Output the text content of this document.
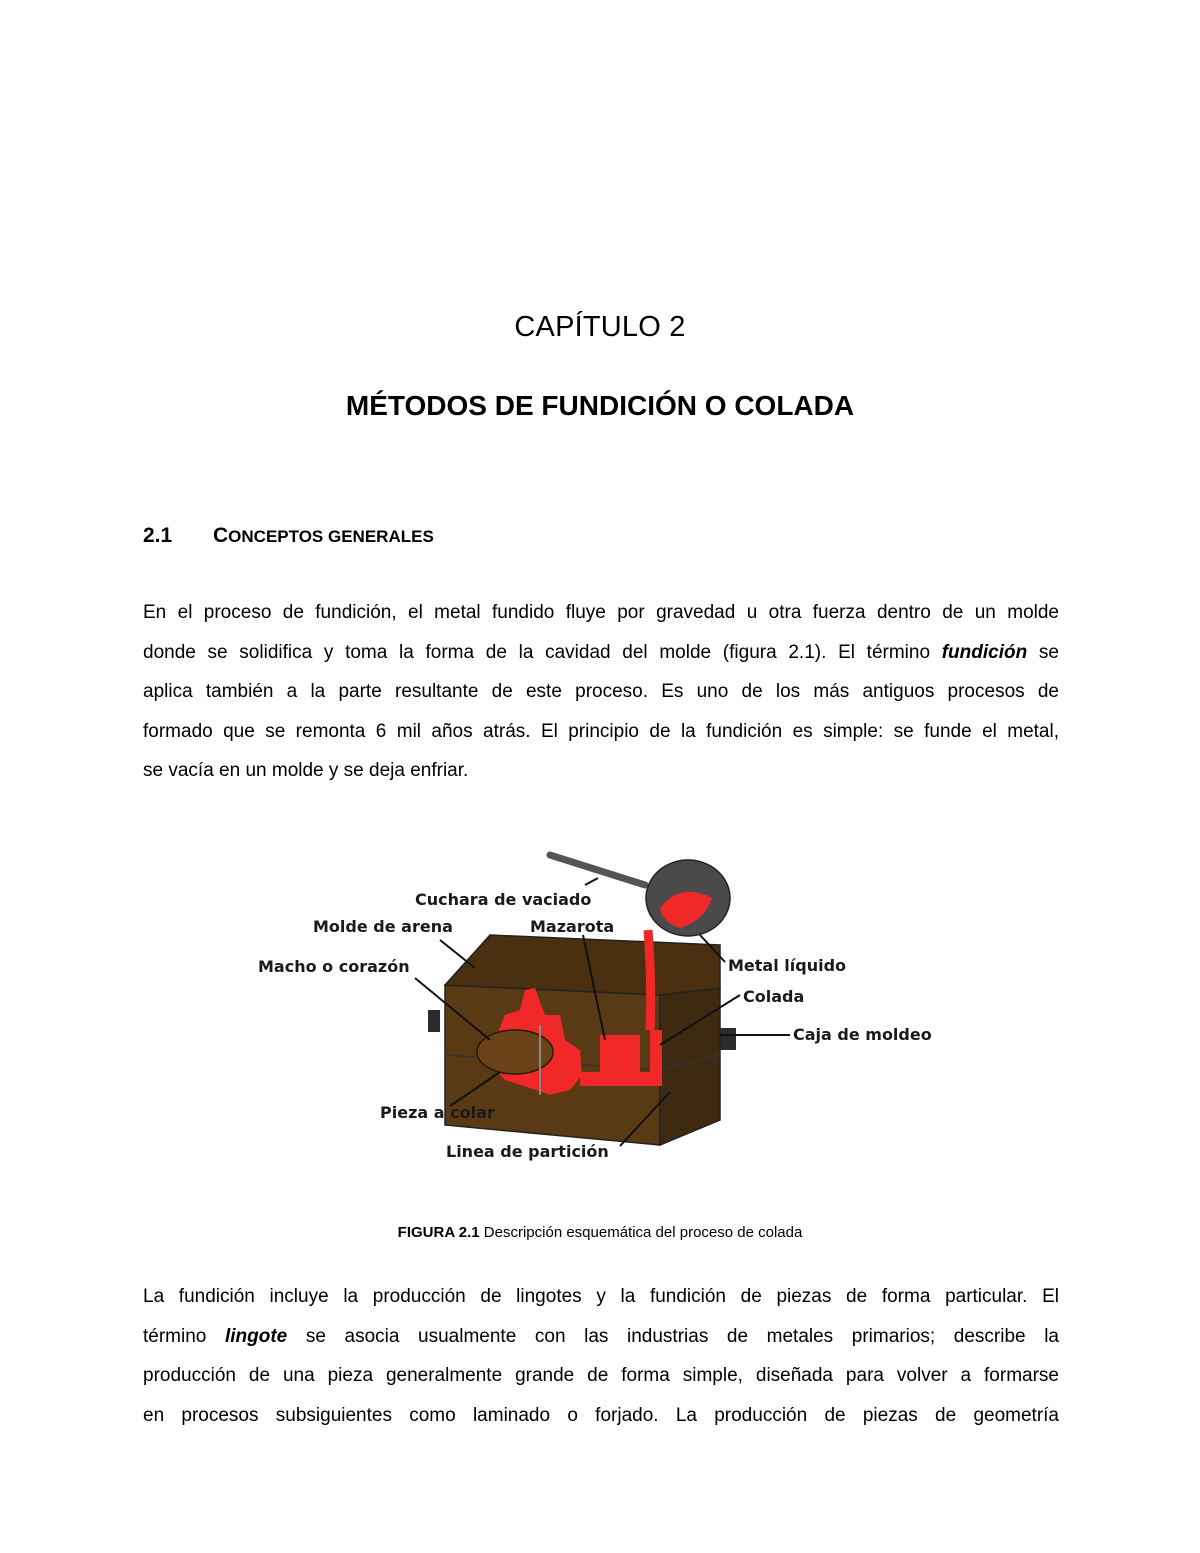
CAPÍTULO 2
MÉTODOS DE FUNDICIÓN O COLADA
2.1 CONCEPTOS GENERALES
En el proceso de fundición, el metal fundido fluye por gravedad u otra fuerza dentro de un molde
donde se solidifica y toma la forma de la cavidad del molde (figura 2.1). El término fundición se
aplica también a la parte resultante de este proceso. Es uno de los más antiguos procesos de
formado que se remonta 6 mil años atrás. El principio de la fundición es simple: se funde el metal,
se vacía en un molde y se deja enfriar.
Cuchara de vaciado
Molde de arena	Mazarota
Macho o corazón	Metal líquido
Colada
Caja de moldeo
Pieza a colar
Linea de partición
FIGURA 2.1 Descripción esquemática del proceso de colada
La fundición incluye la producción de lingotes y la fundición de piezas de forma particular. El
término lingote se asocia usualmente con las industrias de metales primarios; describe la
producción de una pieza generalmente grande de forma simple, diseñada para volver a formarse
en procesos subsiguientes como laminado o forjado. La producción de piezas de geometría
